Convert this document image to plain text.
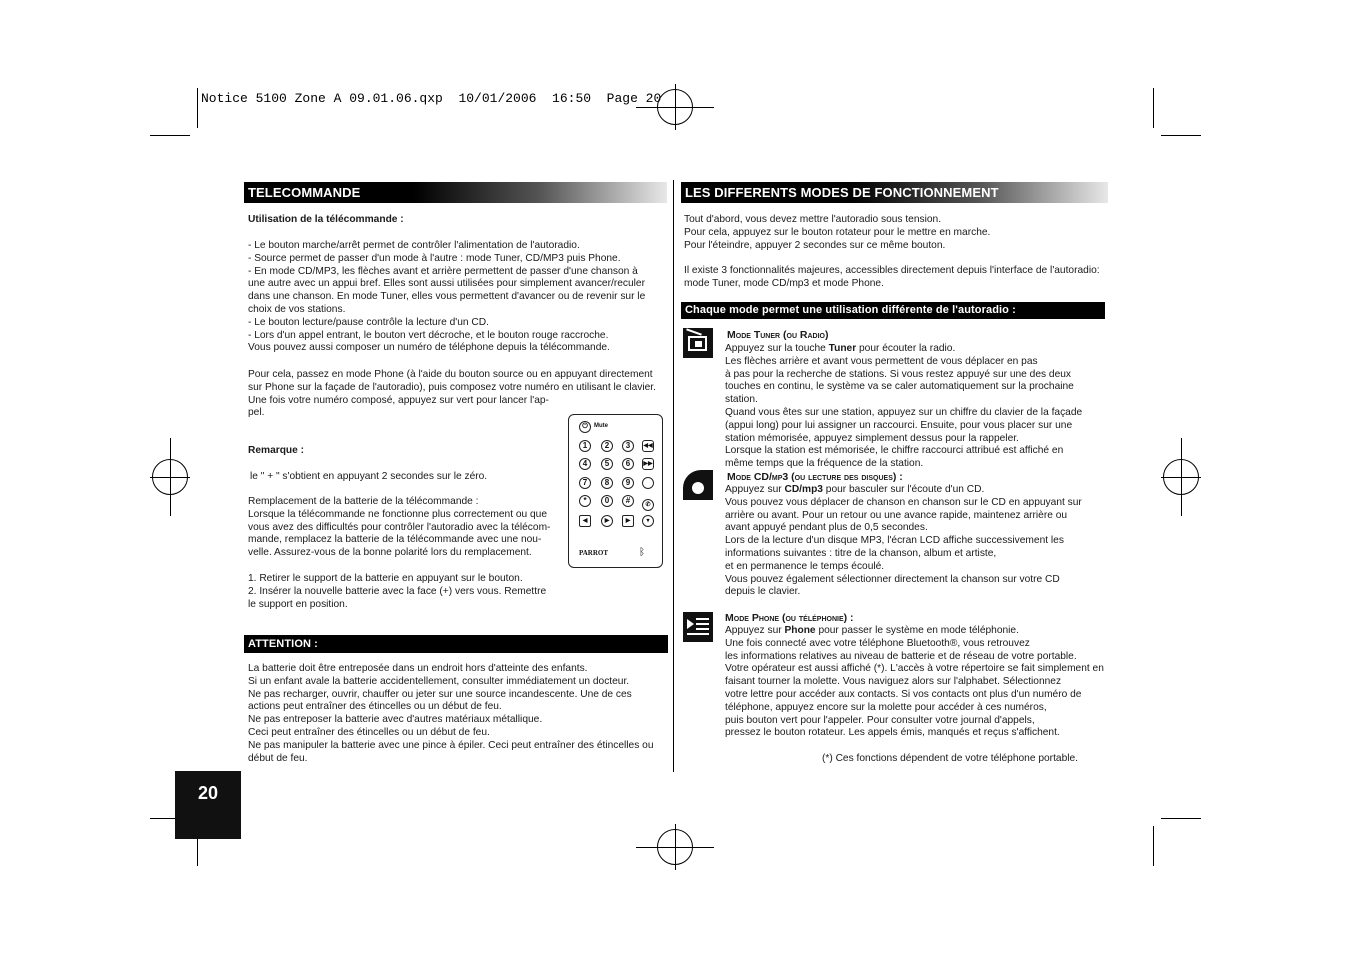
Notice 5100 Zone A 09.01.06.qxp  10/01/2006  16:50  Page 20
TELECOMMANDE
Utilisation de la télécommande :

- Le bouton marche/arrêt permet de contrôler l'alimentation de l'autoradio.

- Source permet de passer d'un mode à l'autre : mode Tuner, CD/MP3 puis Phone.

- En mode CD/MP3, les flèches avant et arrière permettent de passer d'une chanson à

une autre avec un appui bref. Elles sont aussi utilisées pour simplement avancer/reculer

dans une chanson. En mode Tuner, elles vous permettent d'avancer ou de revenir sur le

choix de vos stations.

- Le bouton lecture/pause contrôle la lecture d'un CD.

- Lors d'un appel entrant, le bouton vert décroche, et le bouton rouge raccroche.

Vous pouvez aussi composer un numéro de téléphone depuis la télécommande.

Pour cela, passez en mode Phone (à l'aide du bouton source ou en appuyant directement

sur Phone sur la façade de l'autoradio), puis composez votre numéro en utilisant le clavier.

Une fois votre numéro composé, appuyez sur vert pour lancer l'ap-

pel.

Remarque :
le " + " s'obtient en appuyant 2 secondes sur le zéro.

Remplacement de la batterie de la télécommande :

Lorsque la télécommande ne fonctionne plus correctement ou que

vous avez des difficultés pour contrôler l'autoradio avec la télécom-

mande, remplacez la batterie de la télécommande avec une nou-

velle. Assurez-vous de la bonne polarité lors du remplacement.

1. Retirer le support de la batterie en appuyant sur le bouton.

2. Insérer la nouvelle batterie avec la face (+) vers vous. Remettre

le support en position.

⏻	Mute
1	2	3
4	5	6
7	8	9
*	0	#
◀◀
▶▶
✆
▾
◀	▶	▶
PARROT	ᛒ
ATTENTION :

La batterie doit être entreposée dans un endroit hors d'atteinte des enfants.

Si un enfant avale la batterie accidentellement, consulter immédiatement un docteur.

Ne pas recharger, ouvrir, chauffer ou jeter sur une source incandescente. Une de ces

actions peut entraîner des étincelles ou un début de feu.

Ne pas entreposer la batterie avec d'autres matériaux métallique.

Ceci peut entraîner des étincelles ou un début de feu.

Ne pas manipuler la batterie avec une pince à épiler. Ceci peut entraîner des étincelles ou

début de feu.

20
LES DIFFERENTS MODES DE FONCTIONNEMENT

Tout d'abord, vous devez mettre l'autoradio sous tension.

Pour cela, appuyez sur le bouton rotateur pour le mettre en marche.

Pour l'éteindre, appuyer 2 secondes sur ce même bouton.

Il existe 3 fonctionnalités majeures, accessibles directement depuis l'interface de l'autoradio:

mode Tuner, mode CD/mp3 et mode Phone.

Chaque mode permet une utilisation différente de l'autoradio :
Mode Tuner (ou Radio)

Appuyez sur la touche Tuner pour écouter la radio.

Les flèches arrière et avant vous permettent de vous déplacer en pas

à pas pour la recherche de stations. Si vous restez appuyé sur une des deux

touches en continu, le système va se caler automatiquement sur la prochaine station.

Quand vous êtes sur une station, appuyez sur un chiffre du clavier de la façade

(appui long) pour lui assigner un raccourci. Ensuite, pour vous placer sur une

station mémorisée, appuyez simplement dessus pour la rappeler.

Lorsque la station est mémorisée, le chiffre raccourci attribué est affiché en

même temps que la fréquence de la station.

Mode CD/mp3 (ou lecture des disques) :

Appuyez sur CD/mp3 pour basculer sur l'écoute d'un CD.

Vous pouvez vous déplacer de chanson en chanson sur le CD en appuyant sur

arrière ou avant. Pour un retour ou une avance rapide, maintenez arrière ou

avant appuyé pendant plus de 0,5 secondes.

Lors de la lecture d'un disque MP3, l'écran LCD affiche successivement les

informations suivantes : titre de la chanson, album et artiste,

et en permanence le temps écoulé.

Vous pouvez également sélectionner directement la chanson sur votre CD

depuis le clavier.

Mode Phone (ou téléphonie) :

Appuyez sur Phone pour passer le système en mode téléphonie.

Une fois connecté avec votre téléphone Bluetooth®, vous retrouvez

les informations relatives au niveau de batterie et de réseau de votre portable.

Votre opérateur est aussi affiché (*). L'accès à votre répertoire se fait simplement en

faisant tourner la molette. Vous naviguez alors sur l'alphabet. Sélectionnez

votre lettre pour accéder aux contacts. Si vos contacts ont plus d'un numéro de

téléphone, appuyez encore sur la molette pour accéder à ces numéros,

puis bouton vert pour l'appeler. Pour consulter votre journal d'appels,

pressez le bouton rotateur. Les appels émis, manqués et reçus s'affichent.

(*) Ces fonctions dépendent de votre téléphone portable.
